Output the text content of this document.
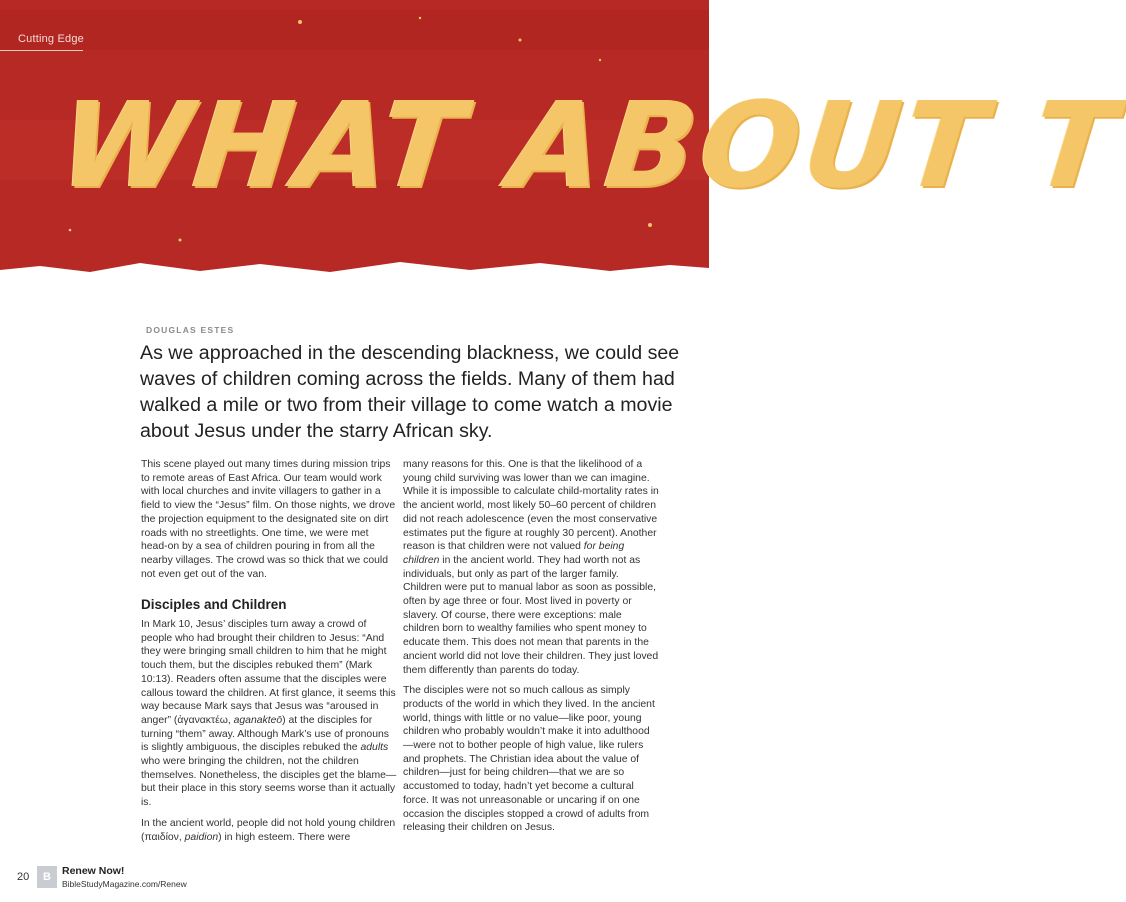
Cutting Edge
WHAT ABOUT T
DOUGLAS ESTES

As we approached in the descending blackness, we could see waves of children coming across the fields. Many of them had walked a mile or two from their village to come watch a movie about Jesus under the starry African sky.

This scene played out many times during mission trips to remote areas of East Africa. Our team would work with local churches and invite villagers to gather in a field to view the “Jesus” film. On those nights, we drove the projection equipment to the designated site on dirt roads with no streetlights. One time, we were met head-on by a sea of children pouring in from all the nearby villages. The crowd was so thick that we could not even get out of the van.

Disciples and Children

In Mark 10, Jesus’ disciples turn away a crowd of people who had brought their children to Jesus: “And they were bringing small children to him that he might touch them, but the disciples rebuked them” (Mark 10:13). Readers often assume that the disciples were callous toward the children. At first glance, it seems this way because Mark says that Jesus was “aroused in anger” (ἀγανακτέω, aganakteō) at the disciples for turning “them” away. Although Mark’s use of pronouns is slightly ambiguous, the disciples rebuked the adults who were bringing the children, not the children themselves. Nonetheless, the disciples get the blame—but their place in this story seems worse than it actually is.

In the ancient world, people did not hold young children (παιδίον, paidion) in high esteem. There were

many reasons for this. One is that the likelihood of a young child surviving was lower than we can imagine. While it is impossible to calculate child-mortality rates in the ancient world, most likely 50–60 percent of children did not reach adolescence (even the most conservative estimates put the figure at roughly 30 percent). Another reason is that children were not valued for being children in the ancient world. They had worth not as individuals, but only as part of the larger family. Children were put to manual labor as soon as possible, often by age three or four. Most lived in poverty or slavery. Of course, there were exceptions: male children born to wealthy families who spent money to educate them. This does not mean that parents in the ancient world did not love their children. They just loved them differently than parents do today.

The disciples were not so much callous as simply products of the world in which they lived. In the ancient world, things with little or no value—like poor, young children who probably wouldn’t make it into adulthood—were not to bother people of high value, like rulers and prophets. The Christian idea about the value of children—just for being children—that we are so accustomed to today, hadn’t yet become a cultural force. It was not unreasonable or uncaring if on one occasion the disciples stopped a crowd of adults from releasing their children on Jesus.

20	B	Renew Now!
BibleStudyMagazine.com/Renew
